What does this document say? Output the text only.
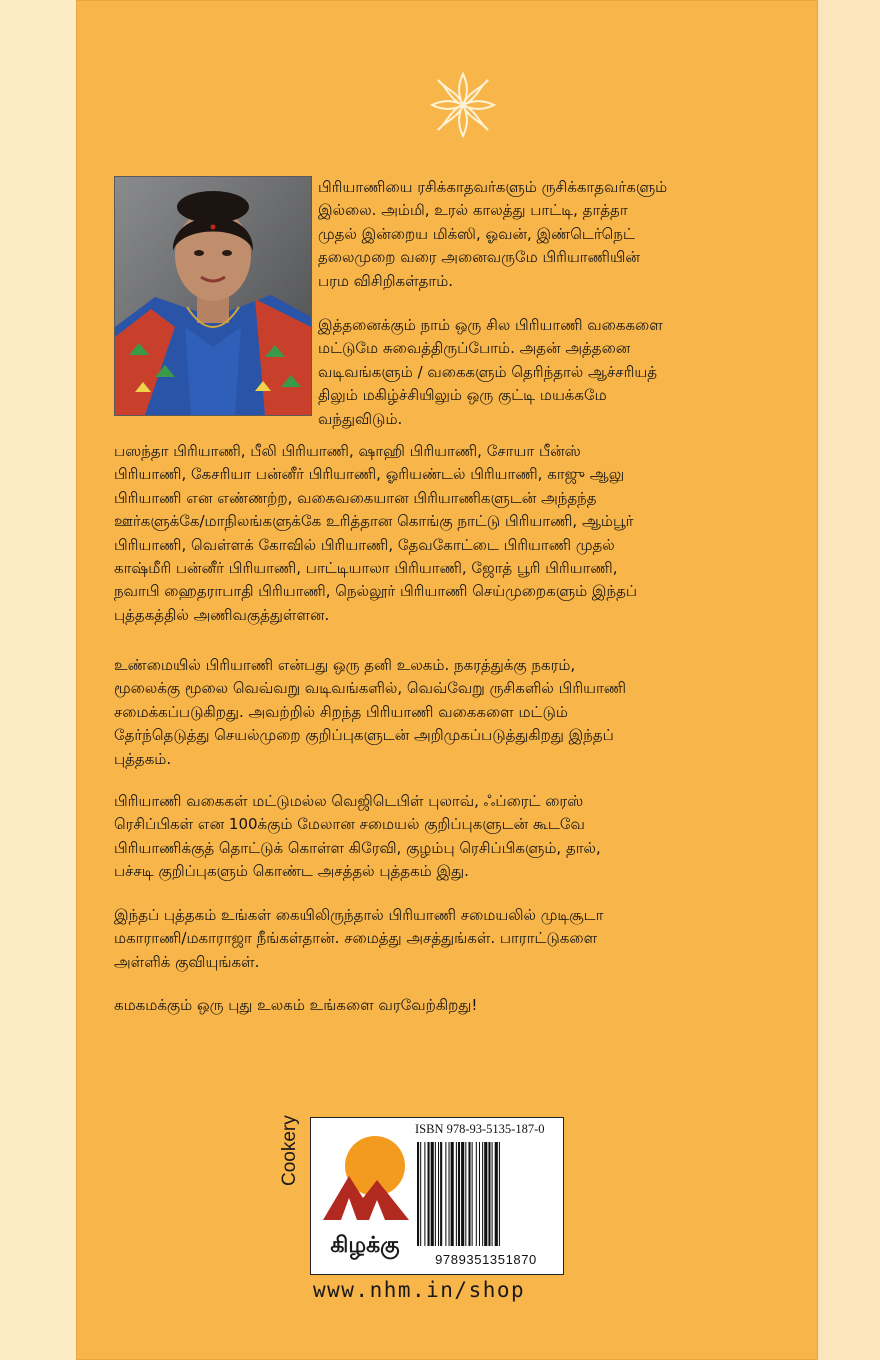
பிரியாணியை ரசிக்காதவர்களும் ருசிக்காதவர்களும்

இல்லை. அம்மி, உரல் காலத்து பாட்டி, தாத்தா

முதல் இன்றைய மிக்ஸி, ஓவன், இண்டெர்நெட்

தலைமுறை வரை அனைவருமே பிரியாணியின்

பரம விசிறிகள்தாம்.

இத்தனைக்கும் நாம் ஒரு சில பிரியாணி வகைகளை

மட்டுமே சுவைத்திருப்போம். அதன் அத்தனை

வடிவங்களும் / வகைகளும் தெரிந்தால் ஆச்சரியத்

திலும் மகிழ்ச்சியிலும் ஒரு குட்டி மயக்கமே

வந்துவிடும்.

பஸந்தா பிரியாணி, பீலி பிரியாணி, ஷாஹி பிரியாணி, சோயா பீன்ஸ்

பிரியாணி, கேசரியா பன்னீர் பிரியாணி, ஓரியண்டல் பிரியாணி, காஜு ஆலு

பிரியாணி என எண்ணற்ற, வகைவகையான பிரியாணிகளுடன் அந்தந்த

ஊர்களுக்கே/மாநிலங்களுக்கே உரித்தான கொங்கு நாட்டு பிரியாணி, ஆம்பூர்

பிரியாணி, வெள்ளக் கோவில் பிரியாணி, தேவகோட்டை பிரியாணி முதல்

காஷ்மீரி பன்னீர் பிரியாணி, பாட்டியாலா பிரியாணி, ஜோத் பூரி பிரியாணி,

நவாபி ஹைதராபாதி பிரியாணி, நெல்லூர் பிரியாணி செய்முறைகளும் இந்தப்

புத்தகத்தில் அணிவகுத்துள்ளன.

உண்மையில் பிரியாணி என்பது ஒரு தனி உலகம். நகரத்துக்கு நகரம்,

மூலைக்கு மூலை வெவ்வறு வடிவங்களில், வெவ்வேறு ருசிகளில் பிரியாணி

சமைக்கப்படுகிறது. அவற்றில் சிறந்த பிரியாணி வகைகளை மட்டும்

தேர்ந்தெடுத்து செயல்முறை குறிப்புகளுடன் அறிமுகப்படுத்துகிறது இந்தப்

புத்தகம்.

பிரியாணி வகைகள் மட்டுமல்ல வெஜிடெபிள் புலாவ், ஃப்ரைட் ரைஸ்

ரெசிப்பிகள் என 100க்கும் மேலான சமையல் குறிப்புகளுடன் கூடவே

பிரியாணிக்குத் தொட்டுக் கொள்ள கிரேவி, குழம்பு ரெசிப்பிகளும், தால்,

பச்சடி குறிப்புகளும் கொண்ட அசத்தல் புத்தகம் இது.

இந்தப் புத்தகம் உங்கள் கையிலிருந்தால் பிரியாணி சமையலில் முடிசூடா

மகாராணி/மகாராஜா நீங்கள்தான். சமைத்து அசத்துங்கள். பாராட்டுகளை

அள்ளிக் குவியுங்கள்.

கமகமக்கும் ஒரு புது உலகம் உங்களை வரவேற்கிறது!

Cookery
கிழக்கு
ISBN 978-93-5135-187-0
9789351351870
www.nhm.in/shop
